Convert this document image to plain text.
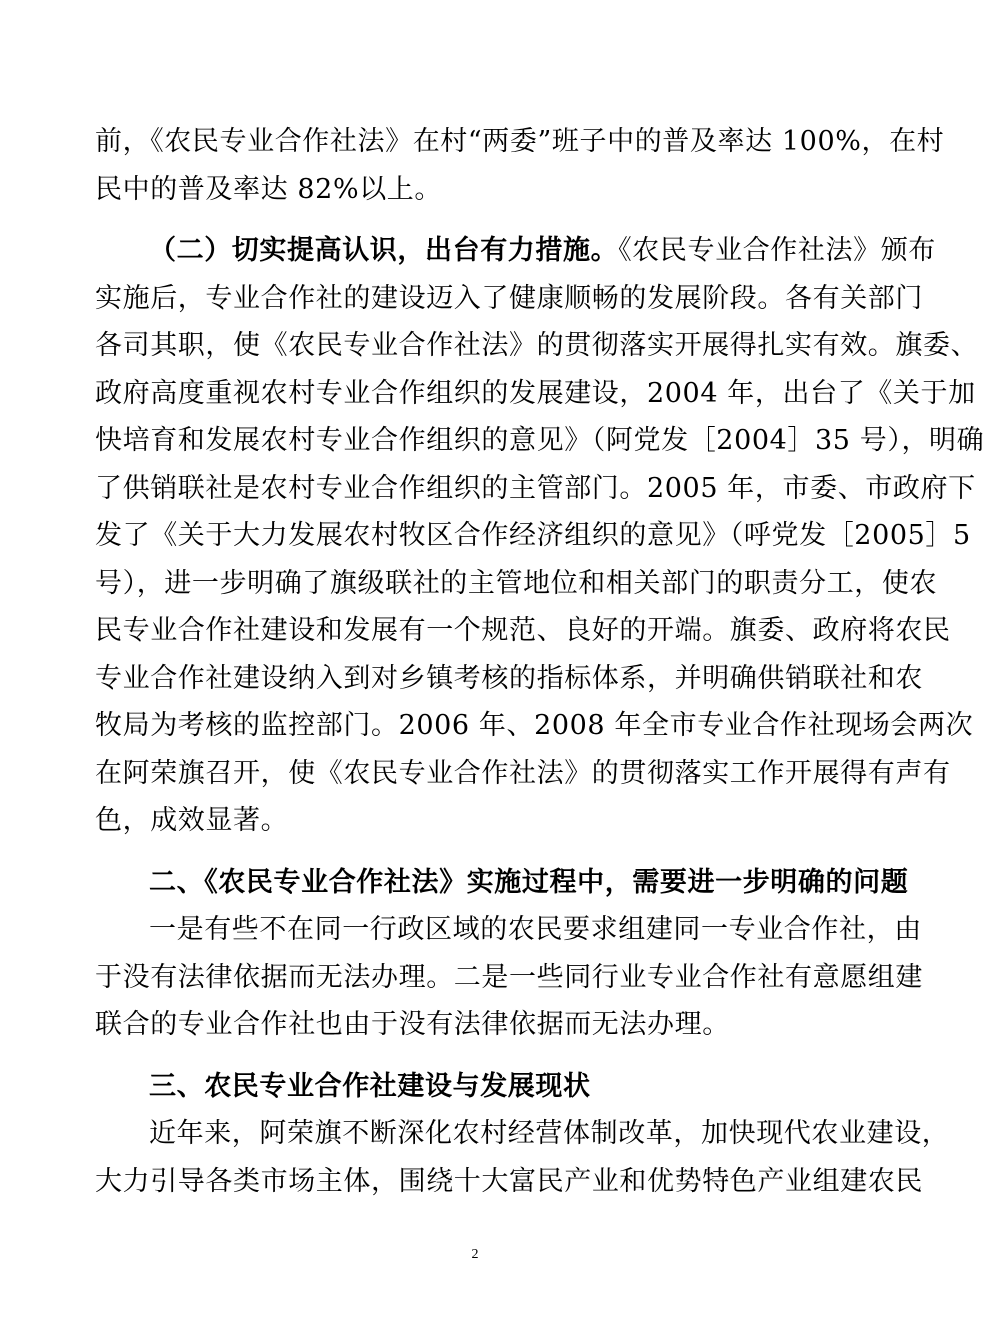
前，《农民专业合作社法》在村“两委”班子中的普及率达 100%，在村
民中的普及率达 82%以上。
（二）切实提高认识，出台有力措施。《农民专业合作社法》颁布
实施后，专业合作社的建设迈入了健康顺畅的发展阶段。各有关部门
各司其职，使《农民专业合作社法》的贯彻落实开展得扎实有效。旗委、
政府高度重视农村专业合作组织的发展建设，2004 年，出台了《关于加
快培育和发展农村专业合作组织的意见》（阿党发［2004］35 号），明确
了供销联社是农村专业合作组织的主管部门。2005 年，市委、市政府下
发了《关于大力发展农村牧区合作经济组织的意见》（呼党发［2005］5
号），进一步明确了旗级联社的主管地位和相关部门的职责分工，使农
民专业合作社建设和发展有一个规范、良好的开端。旗委、政府将农民
专业合作社建设纳入到对乡镇考核的指标体系，并明确供销联社和农
牧局为考核的监控部门。2006 年、2008 年全市专业合作社现场会两次
在阿荣旗召开，使《农民专业合作社法》的贯彻落实工作开展得有声有
色，成效显著。
二、《农民专业合作社法》实施过程中，需要进一步明确的问题
一是有些不在同一行政区域的农民要求组建同一专业合作社，由
于没有法律依据而无法办理。二是一些同行业专业合作社有意愿组建
联合的专业合作社也由于没有法律依据而无法办理。
三、农民专业合作社建设与发展现状
近年来，阿荣旗不断深化农村经营体制改革，加快现代农业建设，
大力引导各类市场主体，围绕十大富民产业和优势特色产业组建农民
2
